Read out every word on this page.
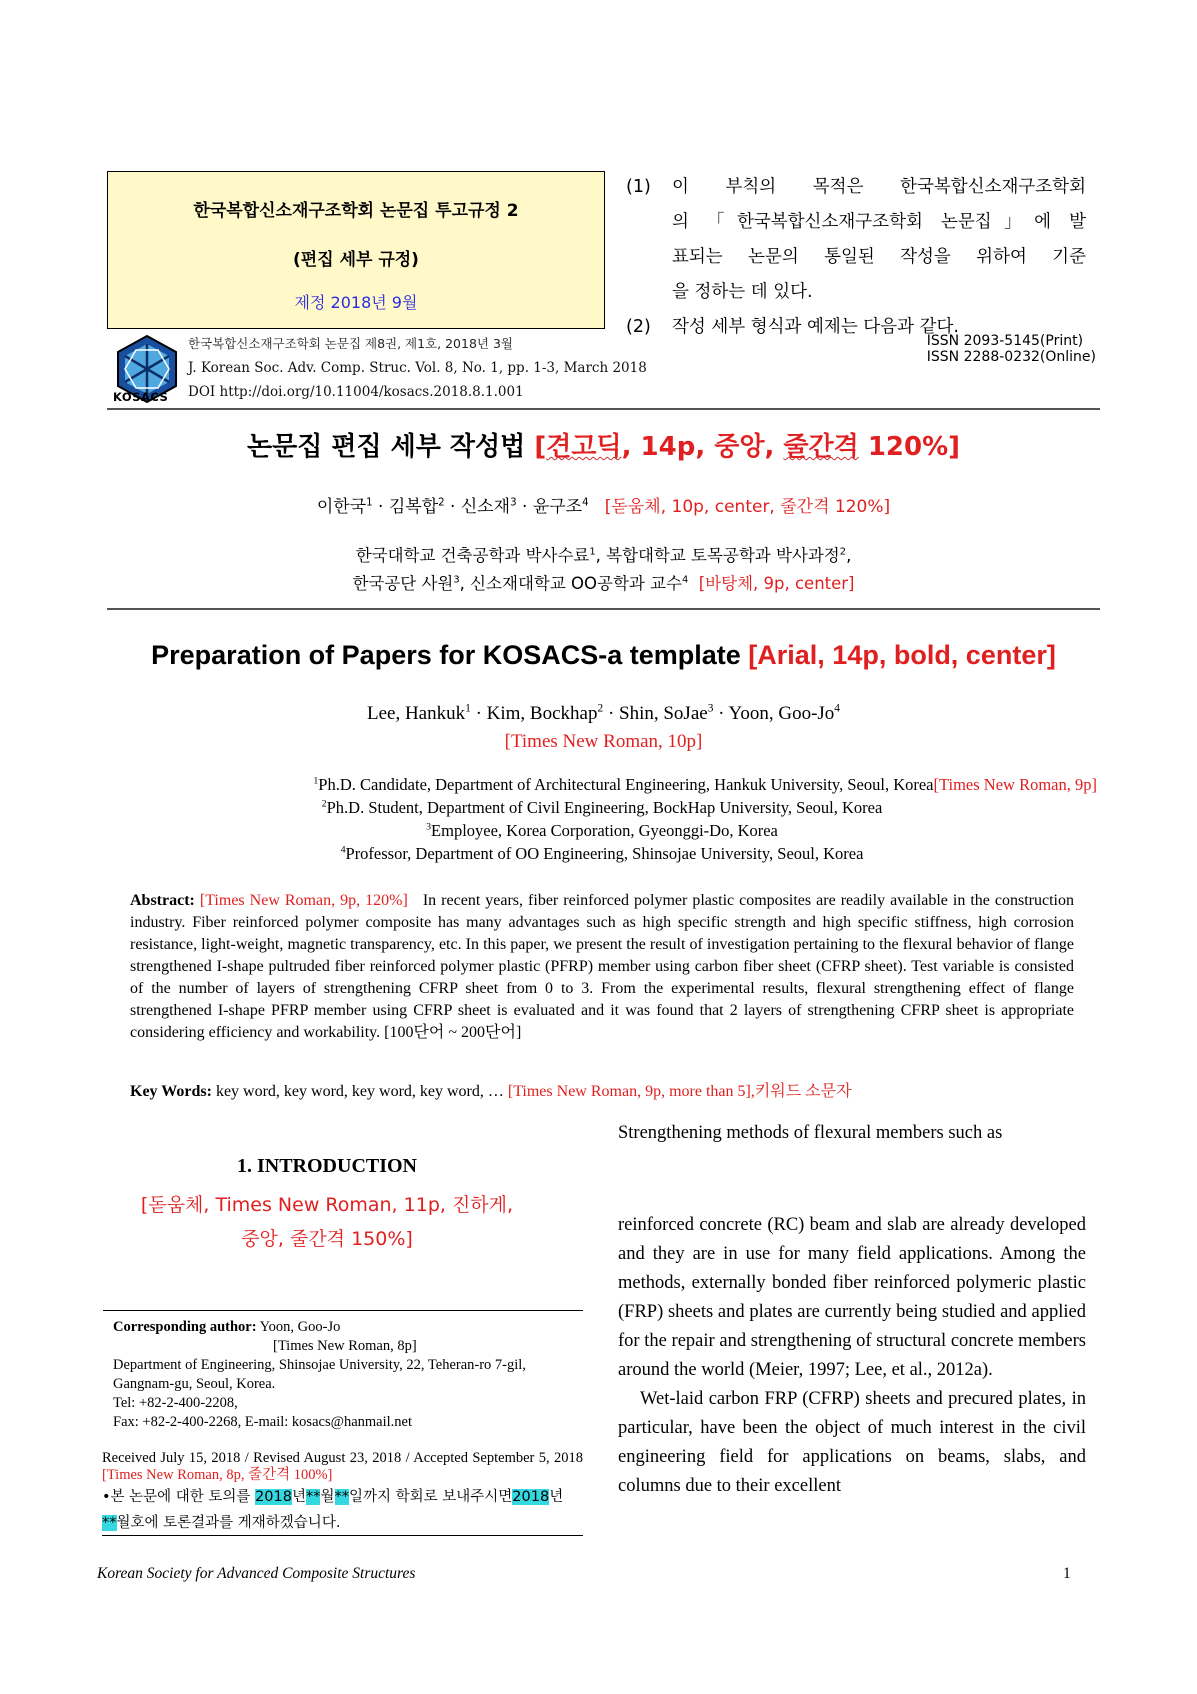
한국복합신소재구조학회 논문집 투고규정 2
(편집 세부 규정)
제정 2018년 9월
(1)	이 부칙의 목적은 한국복합신소재구조학회
의 「한국복합신소재구조학회 논문집」에 발
표되는 논문의 통일된 작성을 위하여 기준
을 정하는 데 있다.
(2)	작성 세부 형식과 예제는 다음과 같다.
KOSACS
한국복합신소재구조학회 논문집 제8권, 제1호, 2018년 3월
J. Korean Soc. Adv. Comp. Struc. Vol. 8, No. 1, pp. 1-3, March 2018
DOI http://doi.org/10.11004/kosacs.2018.8.1.001
ISSN 2093-5145(Print)
ISSN 2288-0232(Online)
논문집 편집 세부 작성법 [견고딕, 14p, 중앙, 줄간격 120%]
이한국$^1$ · 김복합$^2$ · 신소재$^3$ · 윤구조$^4$ [돋움체, 10p, center, 줄간격 120%]
한국대학교 건축공학과 박사수료$^1$, 복합대학교 토목공학과 박사과정$^2$,
한국공단 사원$^3$, 신소재대학교 OO공학과 교수$^4$ [바탕체, 9p, center]
Preparation of Papers for KOSACS-a template [Arial, 14p, bold, center]
Lee, Hankuk$^1$ · Kim, Bockhap$^2$ · Shin, SoJae$^3$ · Yoon, Goo-Jo$^4$
[Times New Roman, 10p]
$^1$Ph.D. Candidate, Department of Architectural Engineering, Hankuk University, Seoul, Korea[Times New Roman, 9p]
$^2$Ph.D. Student, Department of Civil Engineering, BockHap University, Seoul, Korea
$^3$Employee, Korea Corporation, Gyeonggi-Do, Korea
$^4$Professor, Department of OO Engineering, Shinsojae University, Seoul, Korea
Abstract: [Times New Roman, 9p, 120%] In recent years, fiber reinforced polymer plastic composites are readily available in the construction industry. Fiber reinforced polymer composite has many advantages such as high specific strength and high specific stiffness, high corrosion resistance, light-weight, magnetic transparency, etc. In this paper, we present the result of investigation pertaining to the flexural behavior of flange strengthened I-shape pultruded fiber reinforced polymer plastic (PFRP) member using carbon fiber sheet (CFRP sheet). Test variable is consisted of the number of layers of strengthening CFRP sheet from 0 to 3. From the experimental results, flexural strengthening effect of flange strengthened I-shape PFRP member using CFRP sheet is evaluated and it was found that 2 layers of strengthening CFRP sheet is appropriate considering efficiency and workability. [100단어 ~ 200단어]
Key Words: key word, key word, key word, key word, … [Times New Roman, 9p, more than 5],키워드 소문자
1. INTRODUCTION
[돋움체, Times New Roman, 11p, 진하게,
중앙, 줄간격 150%]
Corresponding author: Yoon, Goo-Jo
[Times New Roman, 8p]
Department of Engineering, Shinsojae University, 22, Teheran-ro 7-gil, Gangnam-gu, Seoul, Korea.
Tel: +82-2-400-2208,
Fax: +82-2-400-2268, E-mail: kosacs@hanmail.net
Received July 15, 2018 / Revised August 23, 2018 / Accepted September 5, 2018 [Times New Roman, 8p, 줄간격 100%]
•본 논문에 대한 토의를 2018년**월**일까지 학회로 보내주시면2018년
**월호에 토론결과를 게재하겠습니다.
Strengthening methods of flexural members such as

reinforced concrete (RC) beam and slab are already developed and they are in use for many field applications. Among the methods, externally bonded fiber reinforced polymeric plastic (FRP) sheets and plates are currently being studied and applied for the repair and strengthening of structural concrete members around the world (Meier, 1997; Lee, et al., 2012a).

Wet-laid carbon FRP (CFRP) sheets and precured plates, in particular, have been the object of much interest in the civil engineering field for applications on beams, slabs, and columns due to their excellent

Korean Society for Advanced Composite Structures	1
